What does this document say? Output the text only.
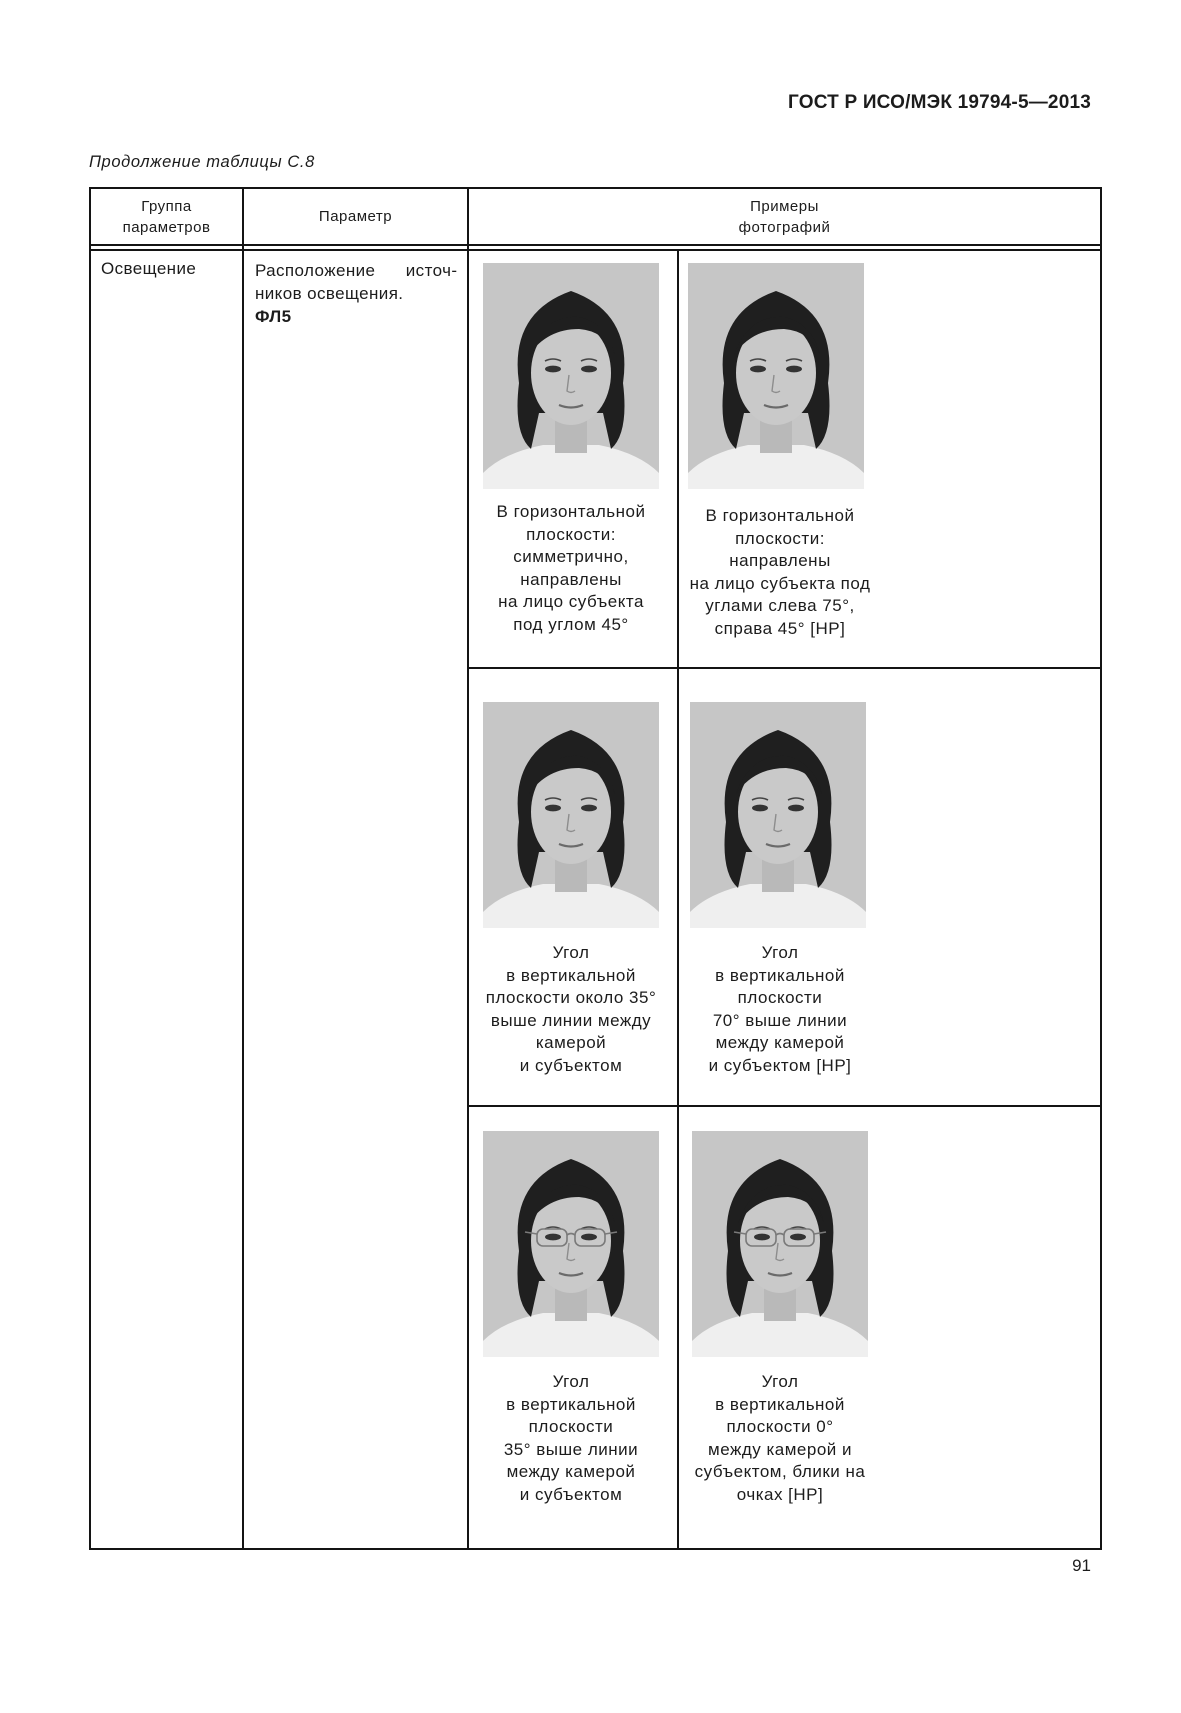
ГОСТ Р ИСО/МЭК 19794-5—2013
Продолжение таблицы С.8
Группа
параметров
Параметр
Примеры
фотографий
Освещение	Расположение источников освещения.
ФЛ5
В горизонтальной
плоскости:
симметрично,
направлены
на лицо субъекта
под углом 45°
В горизонтальной
плоскости:
направлены
на лицо субъекта под
углами слева 75°,
справа 45° [НР]
Угол
в вертикальной
плоскости около 35°
выше линии между
камерой
и субъектом
Угол
в вертикальной
плоскости
70° выше линии
между камерой
и субъектом [НР]
Угол
в вертикальной
плоскости
35° выше линии
между камерой
и субъектом
Угол
в вертикальной
плоскости 0°
между камерой и
субъектом, блики на
очках [НР]
91
